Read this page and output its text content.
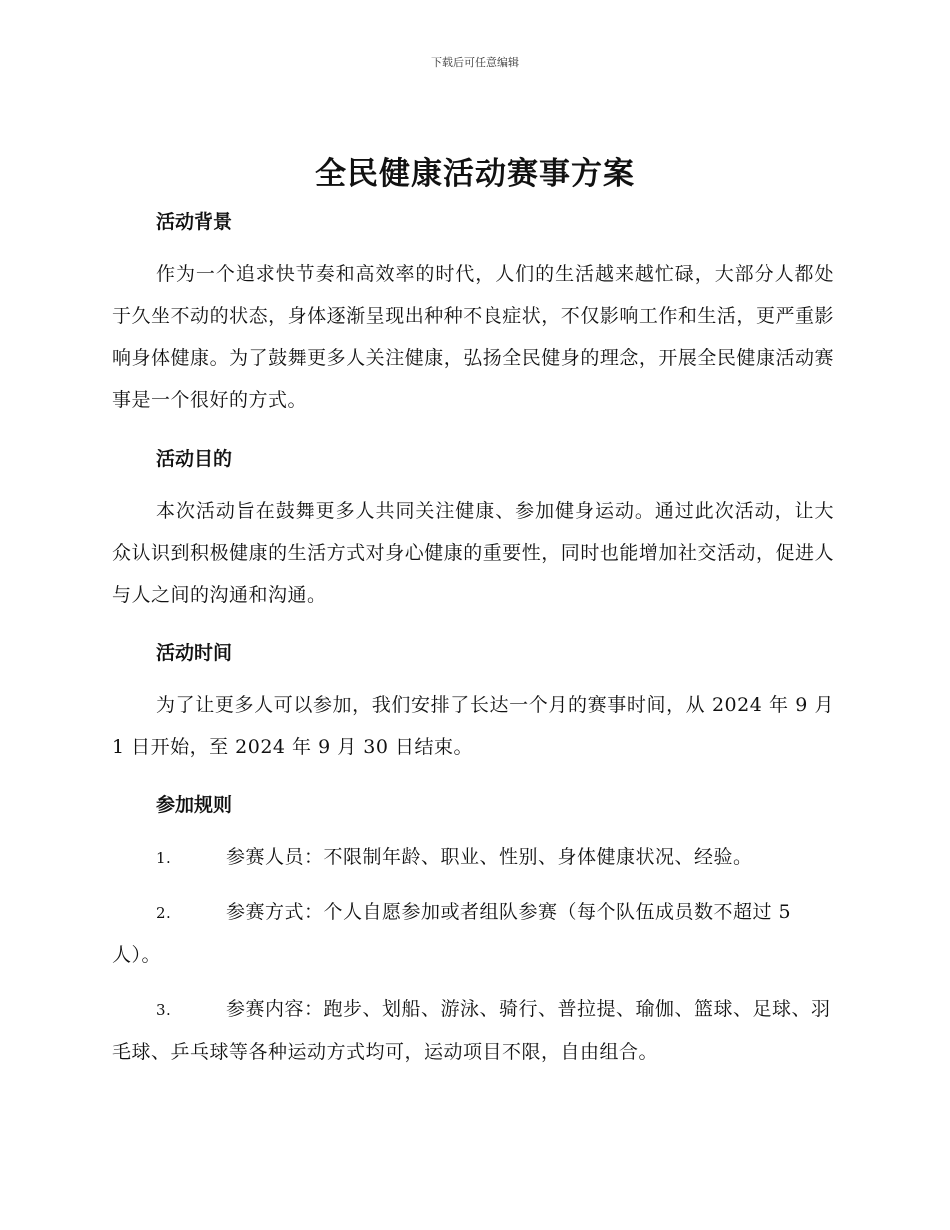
下载后可任意编辑
全民健康活动赛事方案
活动背景

作为一个追求快节奏和高效率的时代，人们的生活越来越忙碌，大部分人都处于久坐不动的状态，身体逐渐呈现出种种不良症状，不仅影响工作和生活，更严重影响身体健康。为了鼓舞更多人关注健康，弘扬全民健身的理念，开展全民健康活动赛事是一个很好的方式。

活动目的

本次活动旨在鼓舞更多人共同关注健康、参加健身运动。通过此次活动，让大众认识到积极健康的生活方式对身心健康的重要性，同时也能增加社交活动，促进人与人之间的沟通和沟通。

活动时间

为了让更多人可以参加，我们安排了长达一个月的赛事时间，从 2024 年 9 月 1 日开始，至 2024 年 9 月 30 日结束。

参加规则

1.	参赛人员：不限制年龄、职业、性别、身体健康状况、经验。

2.	参赛方式：个人自愿参加或者组队参赛（每个队伍成员数不超过 5 人）。

3.	参赛内容：跑步、划船、游泳、骑行、普拉提、瑜伽、篮球、足球、羽毛球、乒乓球等各种运动方式均可，运动项目不限，自由组合。
